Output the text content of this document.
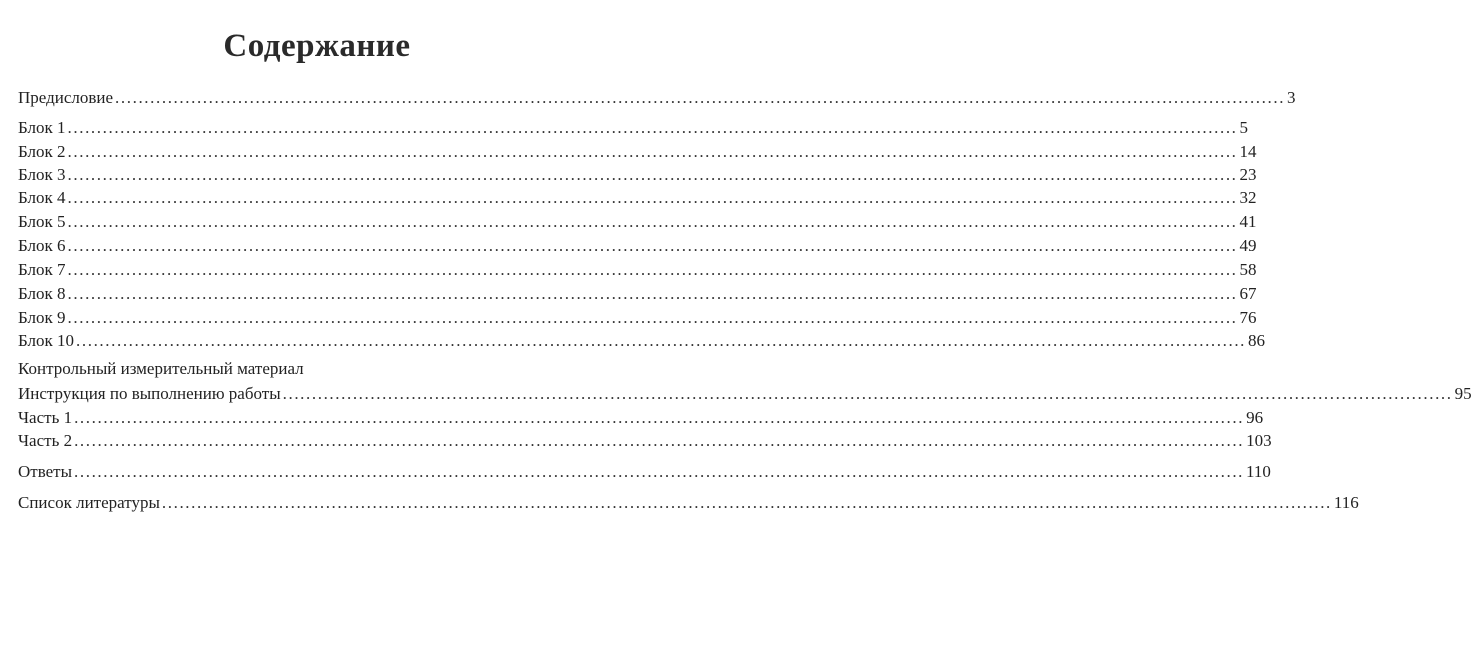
Содержание
Предисловие ........................................................................................................................................................................................................ 3
Блок 1 ........................................................................................................................................................................................................ 5
Блок 2 ........................................................................................................................................................................................................ 14
Блок 3 ........................................................................................................................................................................................................ 23
Блок 4 ........................................................................................................................................................................................................ 32
Блок 5 ........................................................................................................................................................................................................ 41
Блок 6 ........................................................................................................................................................................................................ 49
Блок 7 ........................................................................................................................................................................................................ 58
Блок 8 ........................................................................................................................................................................................................ 67
Блок 9 ........................................................................................................................................................................................................ 76
Блок 10 ........................................................................................................................................................................................................ 86
Контрольный измерительный материал
Инструкция по выполнению работы ........................................................................................................................................................................................................ 95
Часть 1 ........................................................................................................................................................................................................ 96
Часть 2 ........................................................................................................................................................................................................ 103
Ответы ........................................................................................................................................................................................................ 110
Список литературы ........................................................................................................................................................................................................ 116
